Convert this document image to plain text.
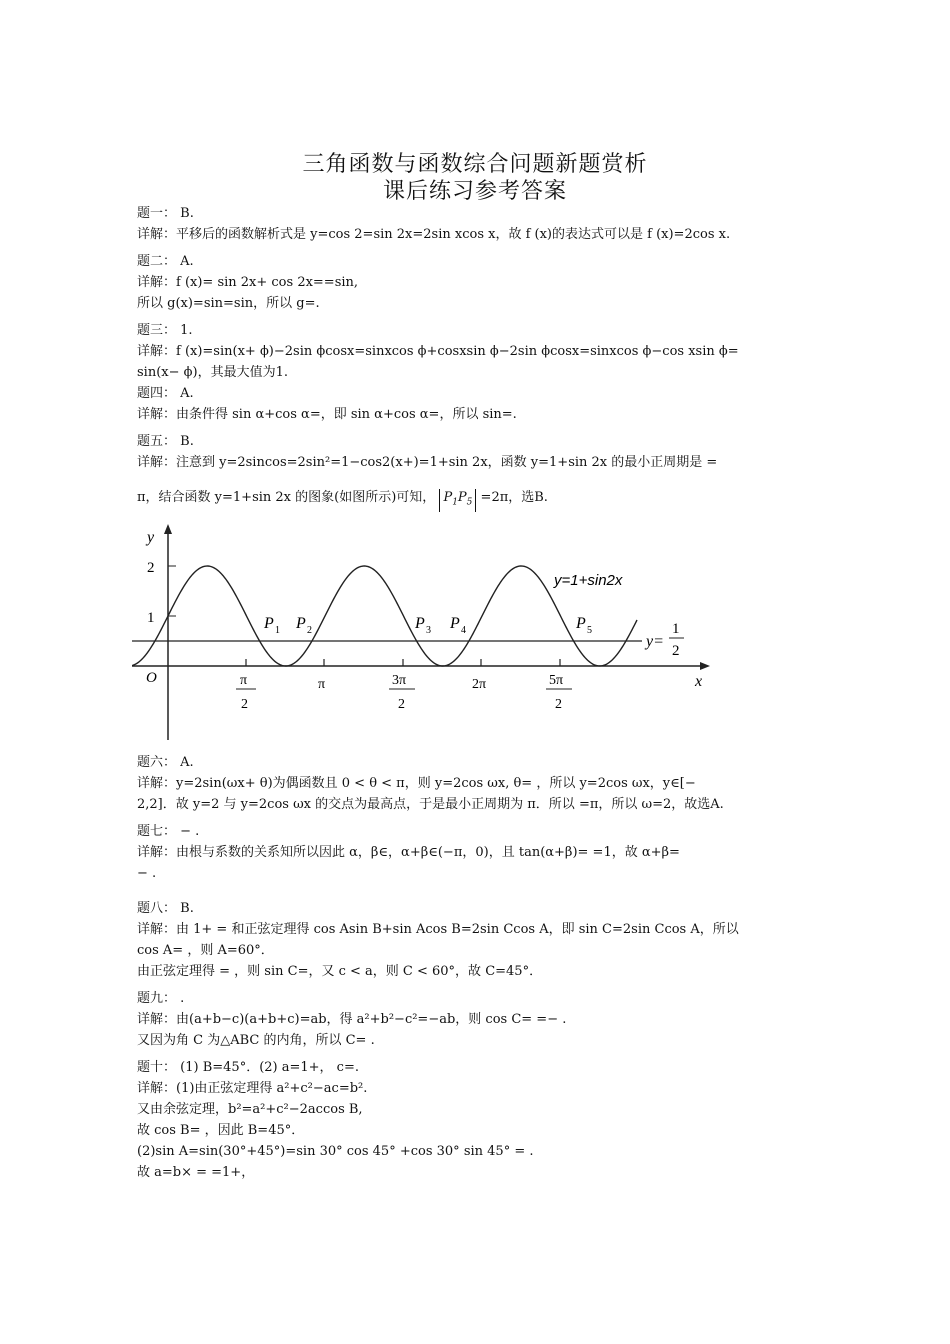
三角函数与函数综合问题新题赏析
课后练习参考答案

题一： B.

详解：平移后的函数解析式是 y=cos 2=sin 2x=2sin xcos x，故 f (x)的表达式可以是 f (x)=2cos x.

题二： A.

详解：f (x)= sin 2x+ cos 2x==sin,

所以 g(x)=sin=sin，所以 g=.

题三： 1.

详解：f (x)=sin(x+ ϕ)−2sin ϕcosx=sinxcos ϕ+cosxsin ϕ−2sin ϕcosx=sinxcos ϕ−cos xsin ϕ=

sin(x− ϕ)，其最大值为1.

题四： A.

详解：由条件得 sin α+cos α=，即 sin α+cos α=，所以 sin=.

题五： B.

详解：注意到 y=2sincos=2sin²=1−cos2(x+)=1+sin 2x，函数 y=1+sin 2x 的最小正周期是 =

π，结合函数 y=1+sin 2x 的图象(如图所示)可知， $P_1P_5 =2\pi$，选B.

y
x
O
2
1
y=1+sin2x
y=
1
2
P 1 P 2	P 3 P 4	P 5
π
2
π	3π
2
2π	5π
2

题六： A.

详解：y=2sin(ωx+ θ)为偶函数且 0 < θ < π，则 y=2cos ωx, θ= ，所以 y=2cos ωx，y∈[−

2,2]．故 y=2 与 y=2cos ωx 的交点为最高点，于是最小正周期为 π．所以 =π，所以 ω=2，故选A.

题七： − .

详解：由根与系数的关系知所以因此 α，β∈，α+β∈(−π，0)，且 tan(α+β)= =1，故 α+β=

− .

题八： B.

详解：由 1+ = 和正弦定理得 cos Asin B+sin Acos B=2sin Ccos A，即 sin C=2sin Ccos A，所以

cos A= ，则 A=60°．

由正弦定理得 = ，则 sin C=，又 c < a，则 C < 60°，故 C=45°．

题九： .

详解：由(a+b−c)(a+b+c)=ab，得 a²+b²−c²=−ab，则 cos C= =− .

又因为角 C 为△ABC 的内角，所以 C= .

题十： (1) B=45°．(2) a=1+， c=.

详解：(1)由正弦定理得 a²+c²−ac=b².

又由余弦定理，b²=a²+c²−2accos B,

故 cos B= ，因此 B=45°．

(2)sin A=sin(30°+45°)=sin 30° cos 45° +cos 30° sin 45° = .

故 a=b× = =1+，
